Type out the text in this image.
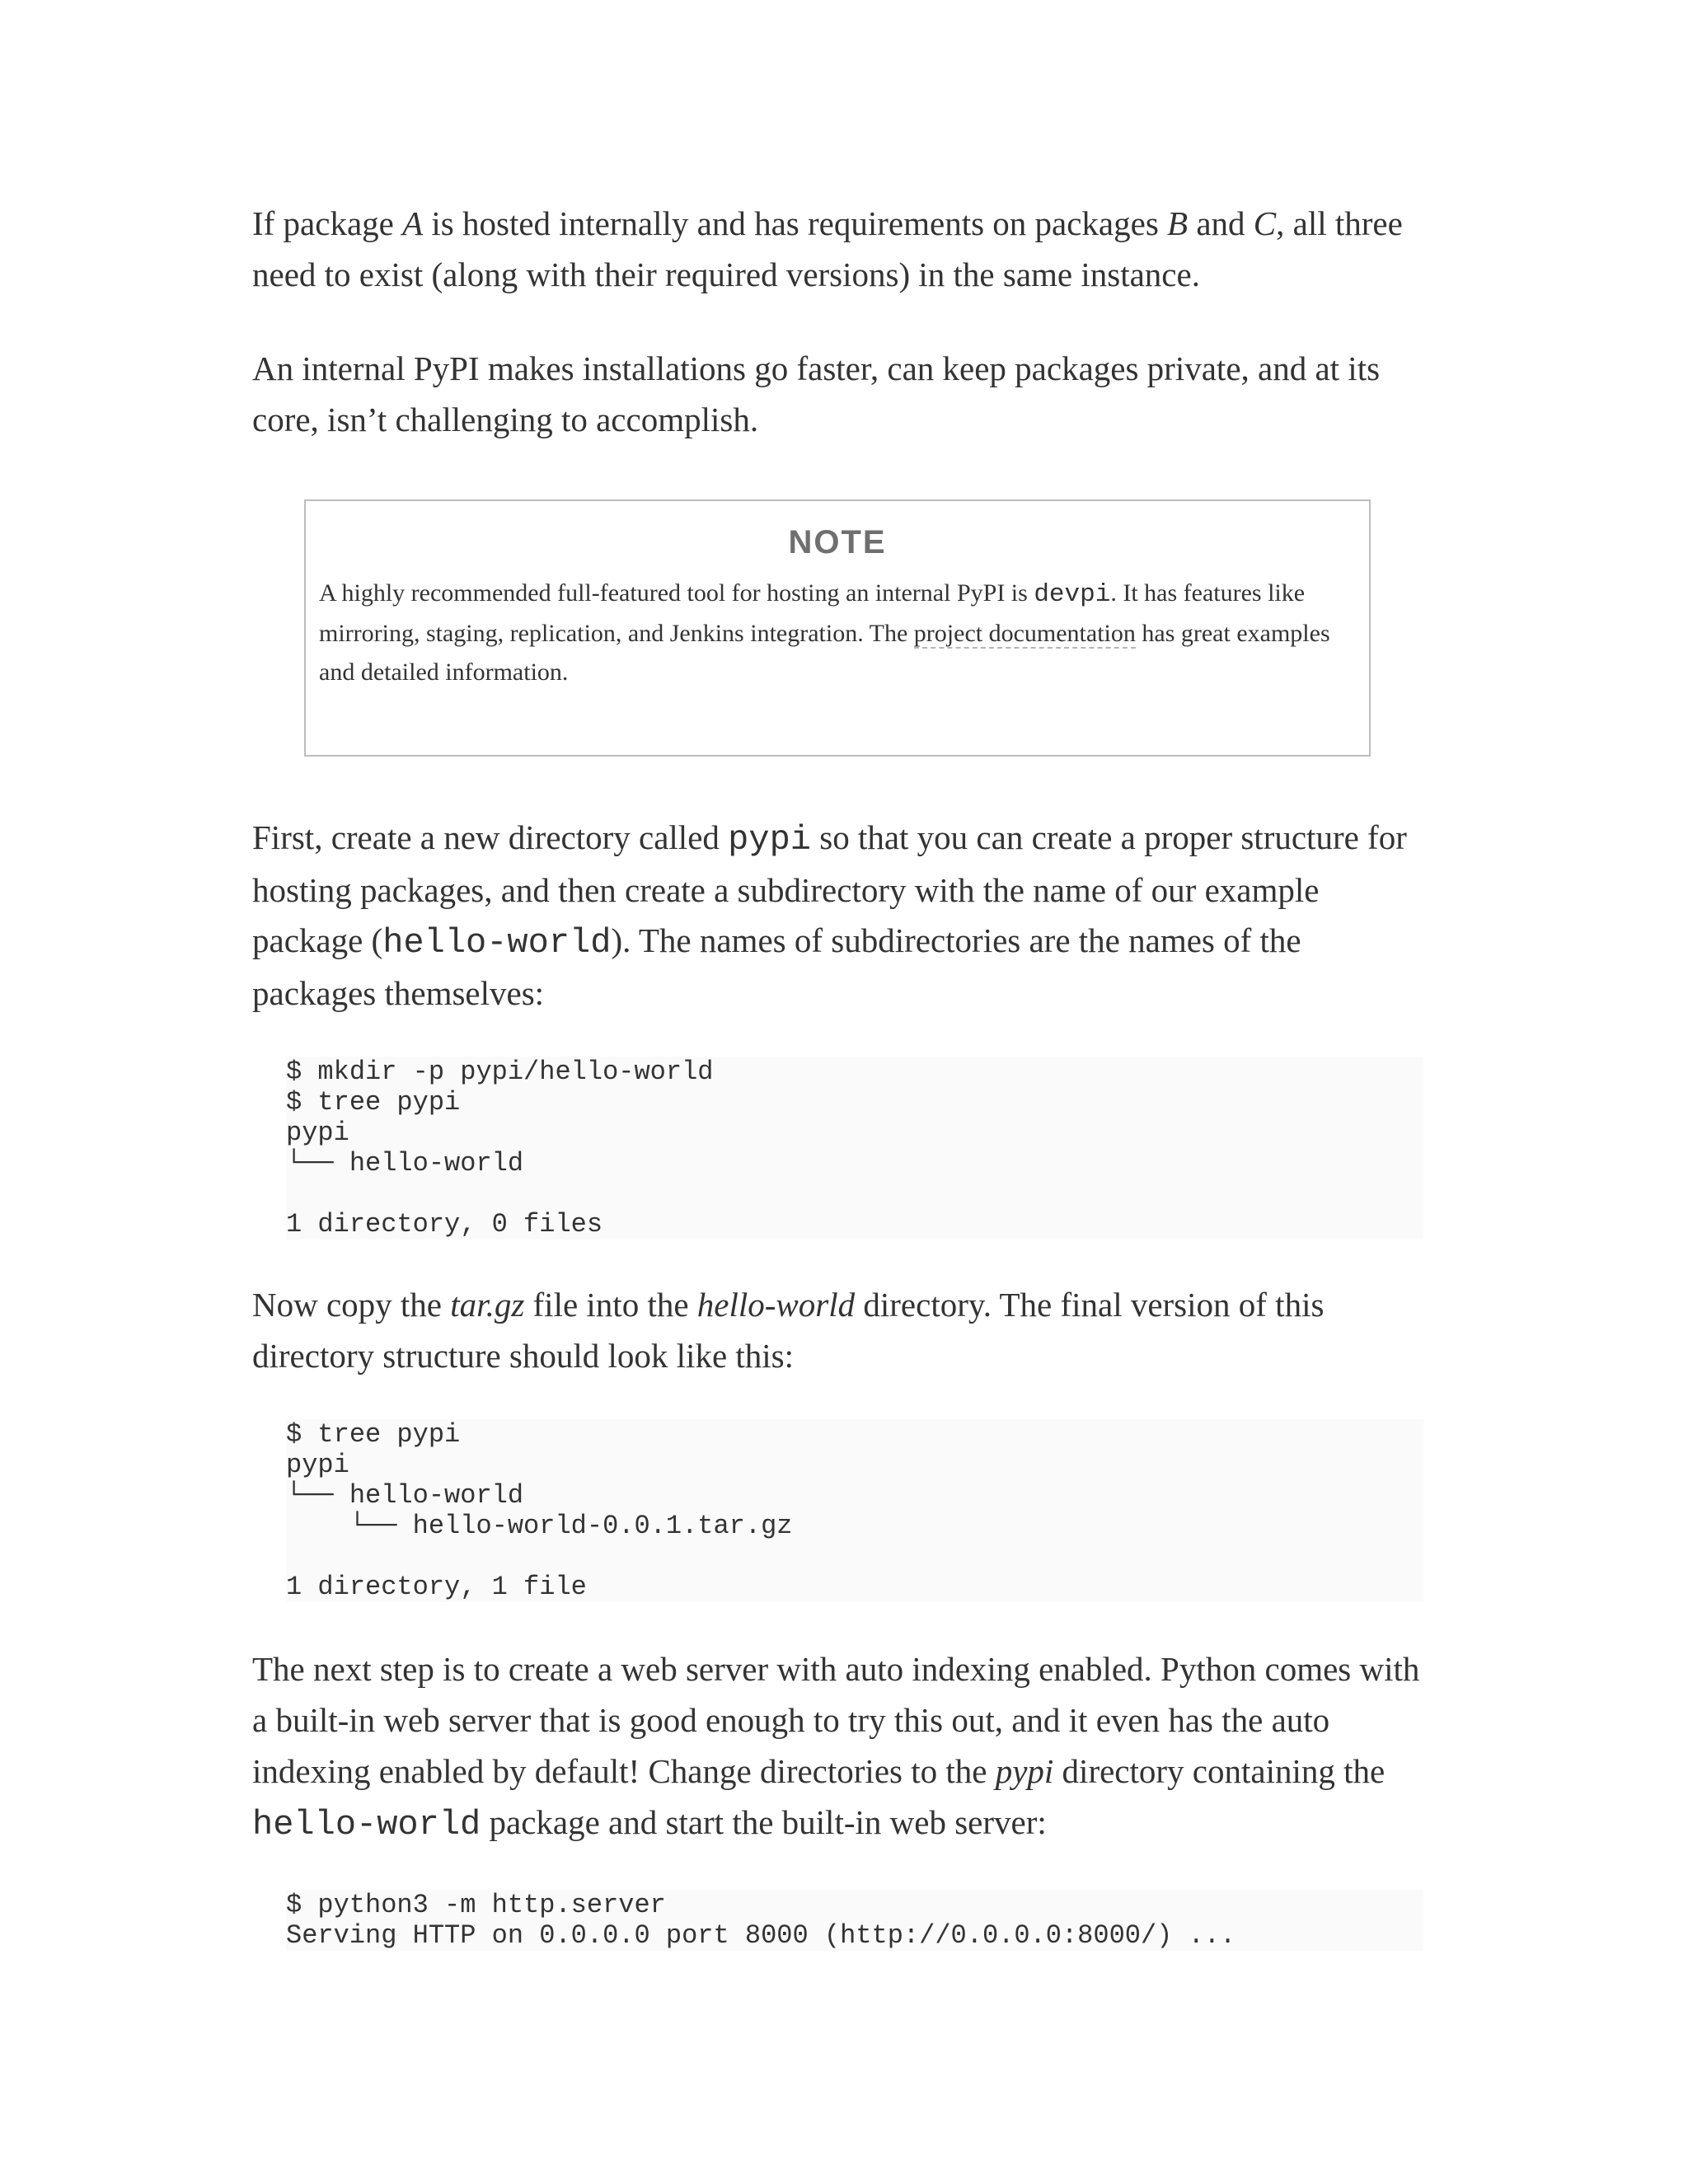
If package A is hosted internally and has requirements on packages B and C, all three need to exist (along with their required versions) in the same instance.

An internal PyPI makes installations go faster, can keep packages private, and at its core, isn’t challenging to accomplish.

NOTE

A highly recommended full-featured tool for hosting an internal PyPI is devpi. It has features like mirroring, staging, replication, and Jenkins integration. The project documentation has great examples and detailed information.

First, create a new directory called pypi so that you can create a proper structure for hosting packages, and then create a subdirectory with the name of our example package (hello-world). The names of subdirectories are the names of the packages themselves:

$ mkdir -p pypi/hello-world
$ tree pypi
pypi
└── hello-world

1 directory, 0 files

Now copy the tar.gz file into the hello-world directory. The final version of this directory structure should look like this:

$ tree pypi
pypi
└── hello-world
└── hello-world-0.0.1.tar.gz

1 directory, 1 file

The next step is to create a web server with auto indexing enabled. Python comes with a built-in web server that is good enough to try this out, and it even has the auto indexing enabled by default! Change directories to the pypi directory containing the hello-world package and start the built-in web server:

$ python3 -m http.server
Serving HTTP on 0.0.0.0 port 8000 (http://0.0.0.0:8000/) ...
